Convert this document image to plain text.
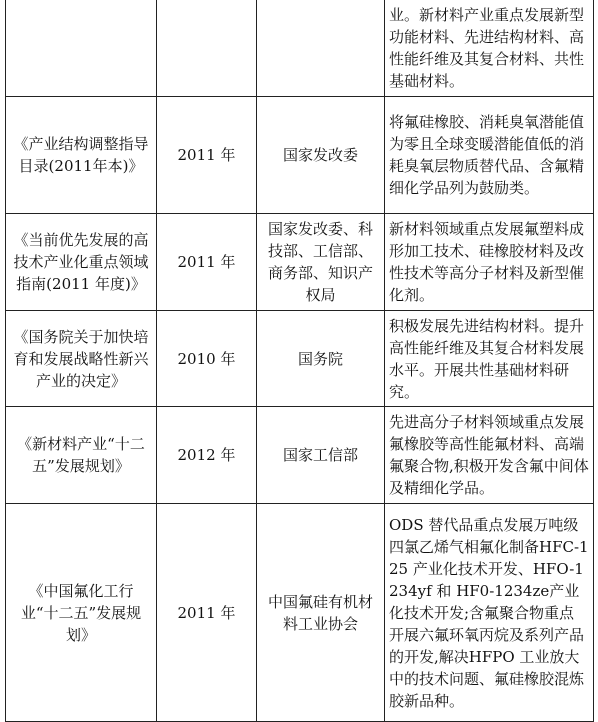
			业。新材料产业重点发展新型功能材料、先进结构材料、高性能纤维及其复合材料、共性基础材料。

《产业结构调整指导目录(2011年本)》	2011 年	国家发改委	将氟硅橡胶、消耗臭氧潜能值为零且全球变暖潜能值低的消耗臭氧层物质替代品、含氟精细化学品列为鼓励类。

《当前优先发展的高技术产业化重点领域指南(2011 年度)》	2011 年	国家发改委、科技部、工信部、商务部、知识产权局	新材料领域重点发展氟塑料成形加工技术、硅橡胶材料及改性技术等高分子材料及新型催化剂。

《国务院关于加快培育和发展战略性新兴产业的决定》	2010 年	国务院	积极发展先进结构材料。提升高性能纤维及其复合材料发展水平。开展共性基础材料研究。

《新材料产业“十二五”发展规划》	2012 年	国家工信部	先进高分子材料领域重点发展氟橡胶等高性能氟材料、高端氟聚合物,积极开发含氟中间体及精细化学品。

《中国氟化工行业“十二五”发展规划》	2011 年	中国氟硅有机材料工业协会	ODS 替代品重点发展万吨级四氯乙烯气相氟化制备HFC-125 产业化技术开发、HFO-1234yf 和 HF0-1234ze产业化技术开发;含氟聚合物重点开展六氟环氧丙烷及系列产品的开发,解决HFPO 工业放大中的技术问题、氟硅橡胶混炼胶新品种。
